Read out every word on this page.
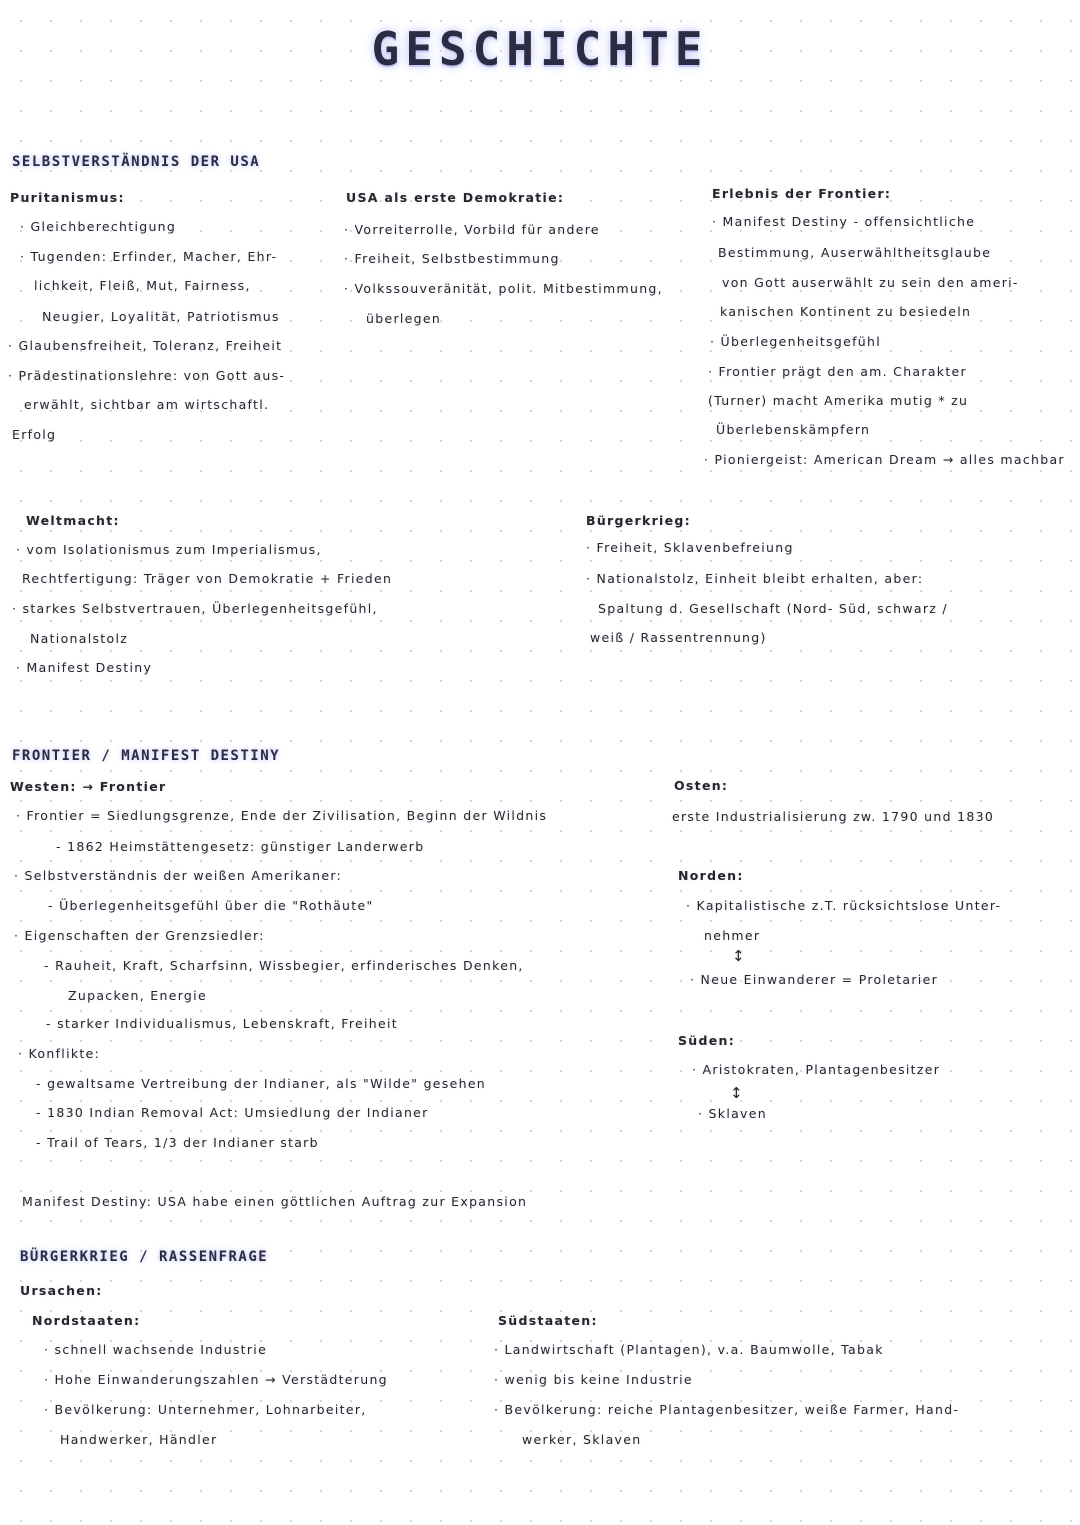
GESCHICHTE
SELBSTVERSTÄNDNIS DER USA
Puritanismus:
· Gleichberechtigung
· Tugenden: Erfinder, Macher, Ehr-
lichkeit, Fleiß, Mut, Fairness,
Neugier, Loyalität, Patriotismus
· Glaubensfreiheit, Toleranz, Freiheit
· Prädestinationslehre: von Gott aus-
erwählt, sichtbar am wirtschaftl.
Erfolg
USA als erste Demokratie:
· Vorreiterrolle, Vorbild für andere
· Freiheit, Selbstbestimmung
· Volkssouveränität, polit. Mitbestimmung,
überlegen
Erlebnis der Frontier:
· Manifest Destiny - offensichtliche
Bestimmung, Auserwähltheitsglaube
von Gott auserwählt zu sein den ameri-
kanischen Kontinent zu besiedeln
· Überlegenheitsgefühl
· Frontier prägt den am. Charakter
(Turner) macht Amerika mutig * zu
Überlebenskämpfern
· Pioniergeist: American Dream → alles machbar
Weltmacht:
· vom Isolationismus zum Imperialismus,
Rechtfertigung: Träger von Demokratie + Frieden
· starkes Selbstvertrauen, Überlegenheitsgefühl,
Nationalstolz
· Manifest Destiny
Bürgerkrieg:
· Freiheit, Sklavenbefreiung
· Nationalstolz, Einheit bleibt erhalten, aber:
Spaltung d. Gesellschaft (Nord- Süd, schwarz /
weiß / Rassentrennung)
FRONTIER / MANIFEST DESTINY
Westen: → Frontier
· Frontier = Siedlungsgrenze, Ende der Zivilisation, Beginn der Wildnis
- 1862 Heimstättengesetz: günstiger Landerwerb
· Selbstverständnis der weißen Amerikaner:
- Überlegenheitsgefühl über die "Rothäute"
· Eigenschaften der Grenzsiedler:
- Rauheit, Kraft, Scharfsinn, Wissbegier, erfinderisches Denken,
Zupacken, Energie
- starker Individualismus, Lebenskraft, Freiheit
· Konflikte:
- gewaltsame Vertreibung der Indianer, als "Wilde" gesehen
- 1830 Indian Removal Act: Umsiedlung der Indianer
- Trail of Tears, 1/3 der Indianer starb
Manifest Destiny: USA habe einen göttlichen Auftrag zur Expansion
Osten:
erste Industrialisierung zw. 1790 und 1830
Norden:
· Kapitalistische z.T. rücksichtslose Unter-
nehmer
↕
· Neue Einwanderer = Proletarier
Süden:
· Aristokraten, Plantagenbesitzer
↕
· Sklaven
BÜRGERKRIEG / RASSENFRAGE
Ursachen:
Nordstaaten:
· schnell wachsende Industrie
· Hohe Einwanderungszahlen → Verstädterung
· Bevölkerung: Unternehmer, Lohnarbeiter,
Handwerker, Händler
Südstaaten:
· Landwirtschaft (Plantagen), v.a. Baumwolle, Tabak
· wenig bis keine Industrie
· Bevölkerung: reiche Plantagenbesitzer, weiße Farmer, Hand-
werker, Sklaven
